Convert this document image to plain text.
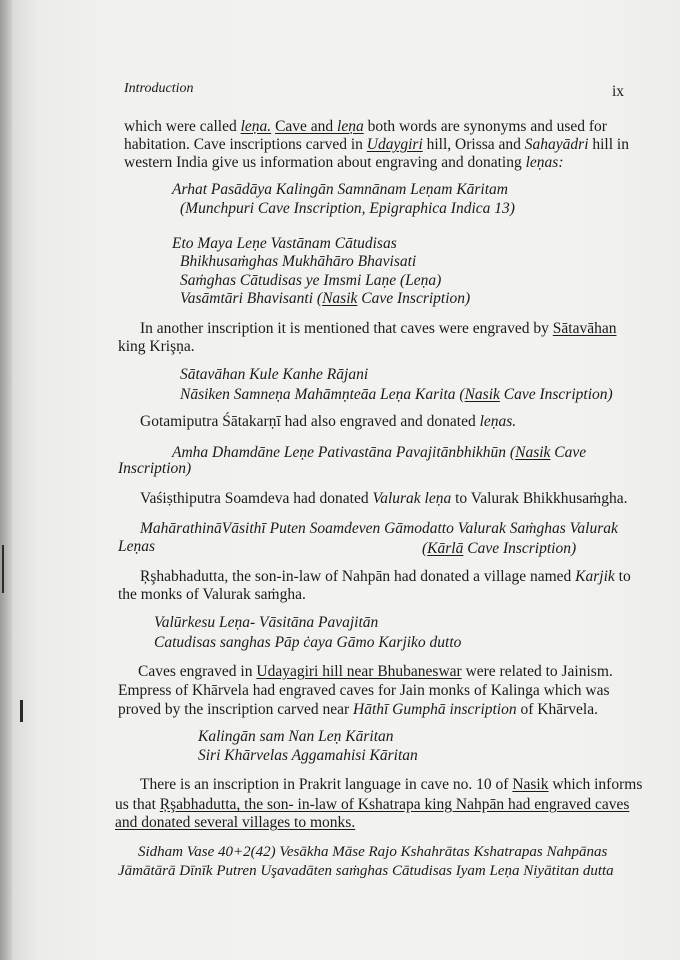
Introduction	ix
which were called leṇa. Cave and leṇa both words are synonyms and used for
habitation. Cave inscriptions carved in Udaygiri hill, Orissa and Sahayādri hill in
western India give us information about engraving and donating leṇas:
Arhat Pasādāya Kalingān Samnānam Leṇam Kāritam
(Munchpuri Cave Inscription, Epigraphica Indica 13)
Eto Maya Leṇe Vastānam Cātudisas
Bhikhusaṁghas Mukhāhāro Bhavisati
Saṁghas Cātudisas ye Imsmi Laṇe (Leṇa)
Vasāmtāri Bhavisanti (Nasik Cave Inscription)
In another inscription it is mentioned that caves were engraved by Sātavāhan
king Krişṇa.
Sātavāhan Kule Kanhe Rājani
Nāsiken Samneṇa Mahāmṇteāa Leṇa Karita (Nasik Cave Inscription)
Gotamiputra Śātakarṇī had also engraved and donated leṇas.
Amha Dhamdāne Leṇe Pativastāna Pavajitānbhikhūn (Nasik Cave
Inscription)
Vaśiṣthiputra Soamdeva had donated Valurak leṇa to Valurak Bhikkhusaṁgha.
MahārathināVāsithī Puten Soamdeven Gāmodatto Valurak Saṁghas Valurak
Leṇas	(Kārlā Cave Inscription)
Ŗşhabhadutta, the son-in-law of Nahpān had donated a village named Karjik to
the monks of Valurak saṁgha.
Valūrkesu Leṇa- Vāsitāna Pavajitān
Catudisas sanghas Pāp ċaya Gāmo Karjiko dutto
Caves engraved in Udayagiri hill near Bhubaneswar were related to Jainism.
Empress of Khārvela had engraved caves for Jain monks of Kalinga which was
proved by the inscription carved near Hāthī Gumphā inscription of Khārvela.
Kalingān sam Nan Leṇ Kāritan
Siri Khārvelas Aggamahisi Kāritan
There is an inscription in Prakrit language in cave no. 10 of Nasik which informs
us that Ŗşabhadutta, the son- in-law of Kshatrapa king Nahpān had engraved caves
and donated several villages to monks.
Sidham Vase 40+2(42) Vesākha Māse Rajo Kshahrātas Kshatrapas Nahpānas
Jāmātārā Dīnīk Putren Uşavadāten saṁghas Cātudisas Iyam Leṇa Niyātitan dutta
